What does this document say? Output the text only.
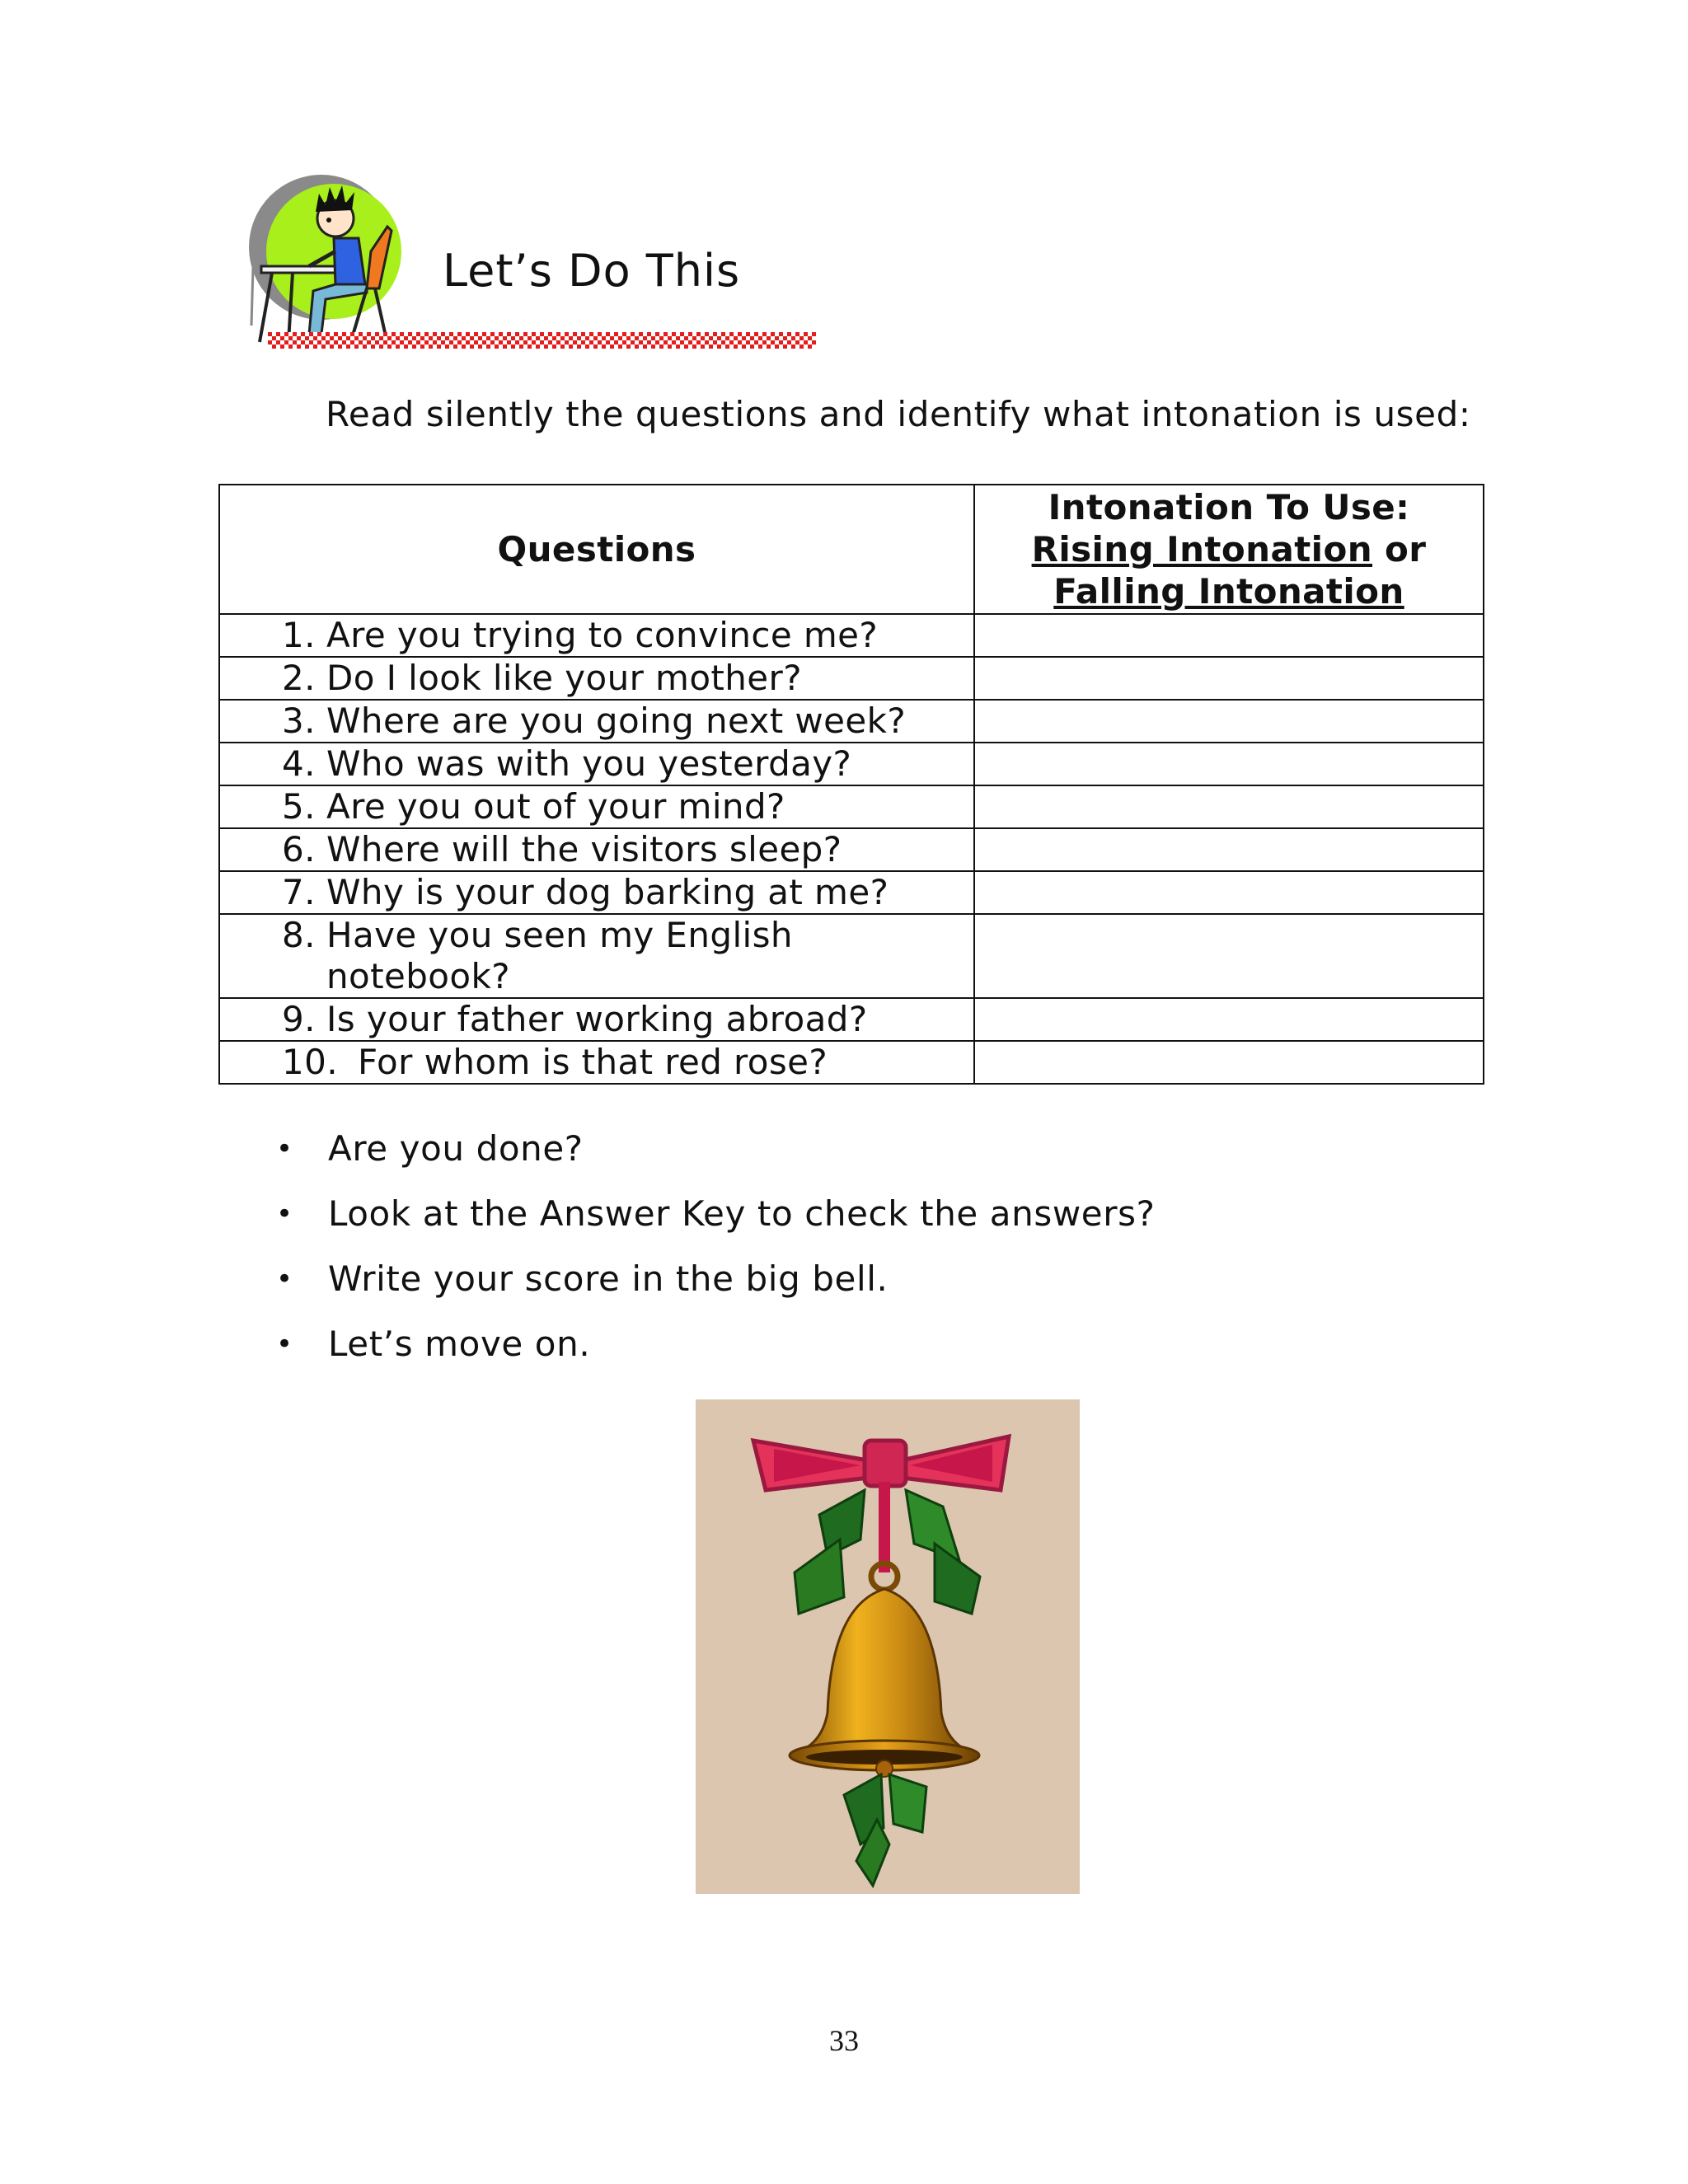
Let’s Do This
Read silently the questions and identify what intonation is used:
Questions	Intonation To Use:
Rising Intonation or
Falling Intonation

1. Are you trying to convince me?	

2. Do I look like your mother?	

3. Where are you going next week?	

4. Who was with you yesterday?	

5. Are you out of your mind?	

6. Where will the visitors sleep?	

7. Why is your dog barking at me?	

8. Have you seen my English
notebook?	

9. Is your father working abroad?	

10. For whom is that red rose?	

•	Are you done?
•	Look at the Answer Key to check the answers?
•	Write your score in the big bell.
•	Let’s move on.
33
